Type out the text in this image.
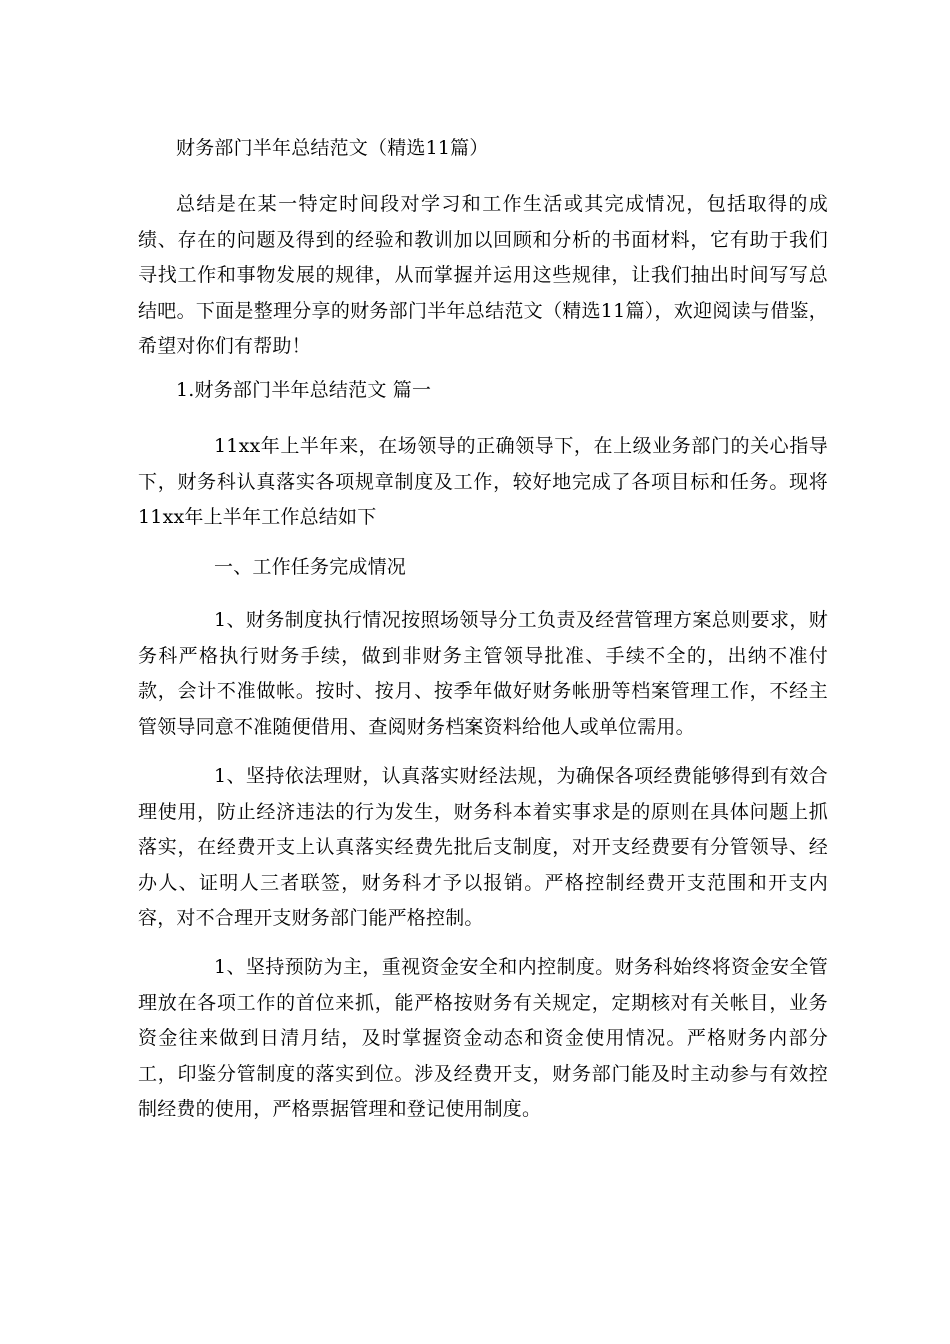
财务部门半年总结范文（精选11篇）

总结是在某一特定时间段对学习和工作生活或其完成情况，包括取得的成绩、存在的问题及得到的经验和教训加以回顾和分析的书面材料，它有助于我们寻找工作和事物发展的规律，从而掌握并运用这些规律，让我们抽出时间写写总结吧。下面是整理分享的财务部门半年总结范文（精选11篇），欢迎阅读与借鉴，希望对你们有帮助！

1.财务部门半年总结范文 篇一

11xx年上半年来，在场领导的正确领导下，在上级业务部门的关心指导下，财务科认真落实各项规章制度及工作，较好地完成了各项目标和任务。现将11xx年上半年工作总结如下

一、工作任务完成情况

1、财务制度执行情况按照场领导分工负责及经营管理方案总则要求，财务科严格执行财务手续，做到非财务主管领导批准、手续不全的，出纳不准付款，会计不准做帐。按时、按月、按季年做好财务帐册等档案管理工作，不经主管领导同意不准随便借用、查阅财务档案资料给他人或单位需用。

1、坚持依法理财，认真落实财经法规，为确保各项经费能够得到有效合理使用，防止经济违法的行为发生，财务科本着实事求是的原则在具体问题上抓落实，在经费开支上认真落实经费先批后支制度，对开支经费要有分管领导、经办人、证明人三者联签，财务科才予以报销。严格控制经费开支范围和开支内容，对不合理开支财务部门能严格控制。

1、坚持预防为主，重视资金安全和内控制度。财务科始终将资金安全管理放在各项工作的首位来抓，能严格按财务有关规定，定期核对有关帐目，业务资金往来做到日清月结，及时掌握资金动态和资金使用情况。严格财务内部分工，印鉴分管制度的落实到位。涉及经费开支，财务部门能及时主动参与有效控制经费的使用，严格票据管理和登记使用制度。
